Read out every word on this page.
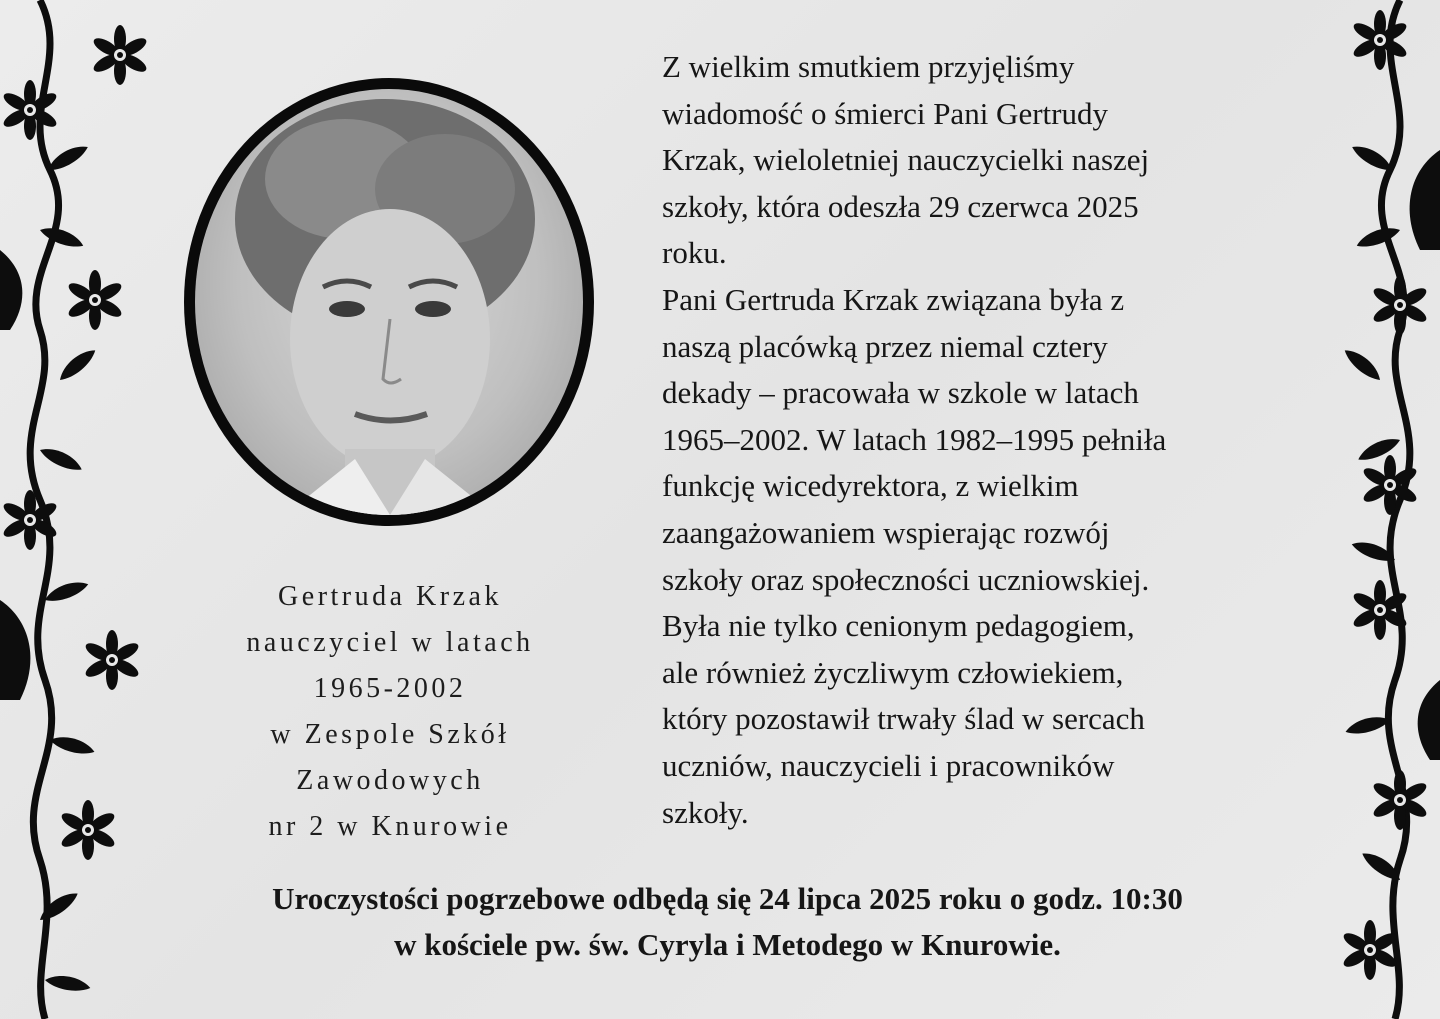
Gertruda Krzak
nauczyciel w latach
1965-2002
w Zespole Szkół
Zawodowych
nr 2 w Knurowie
Z wielkim smutkiem przyjęliśmy
wiadomość o śmierci Pani Gertrudy
Krzak, wieloletniej nauczycielki naszej
szkoły, która odeszła 29 czerwca 2025
roku.
Pani Gertruda Krzak związana była z
naszą placówką przez niemal cztery
dekady – pracowała w szkole w latach
1965–2002. W latach 1982–1995 pełniła
funkcję wicedyrektora, z wielkim
zaangażowaniem wspierając rozwój
szkoły oraz społeczności uczniowskiej.
Była nie tylko cenionym pedagogiem,
ale również życzliwym człowiekiem,
który pozostawił trwały ślad w sercach
uczniów, nauczycieli i pracowników
szkoły.
Uroczystości pogrzebowe odbędą się 24 lipca 2025 roku o godz. 10:30
w kościele pw. św. Cyryla i Metodego w Knurowie.
